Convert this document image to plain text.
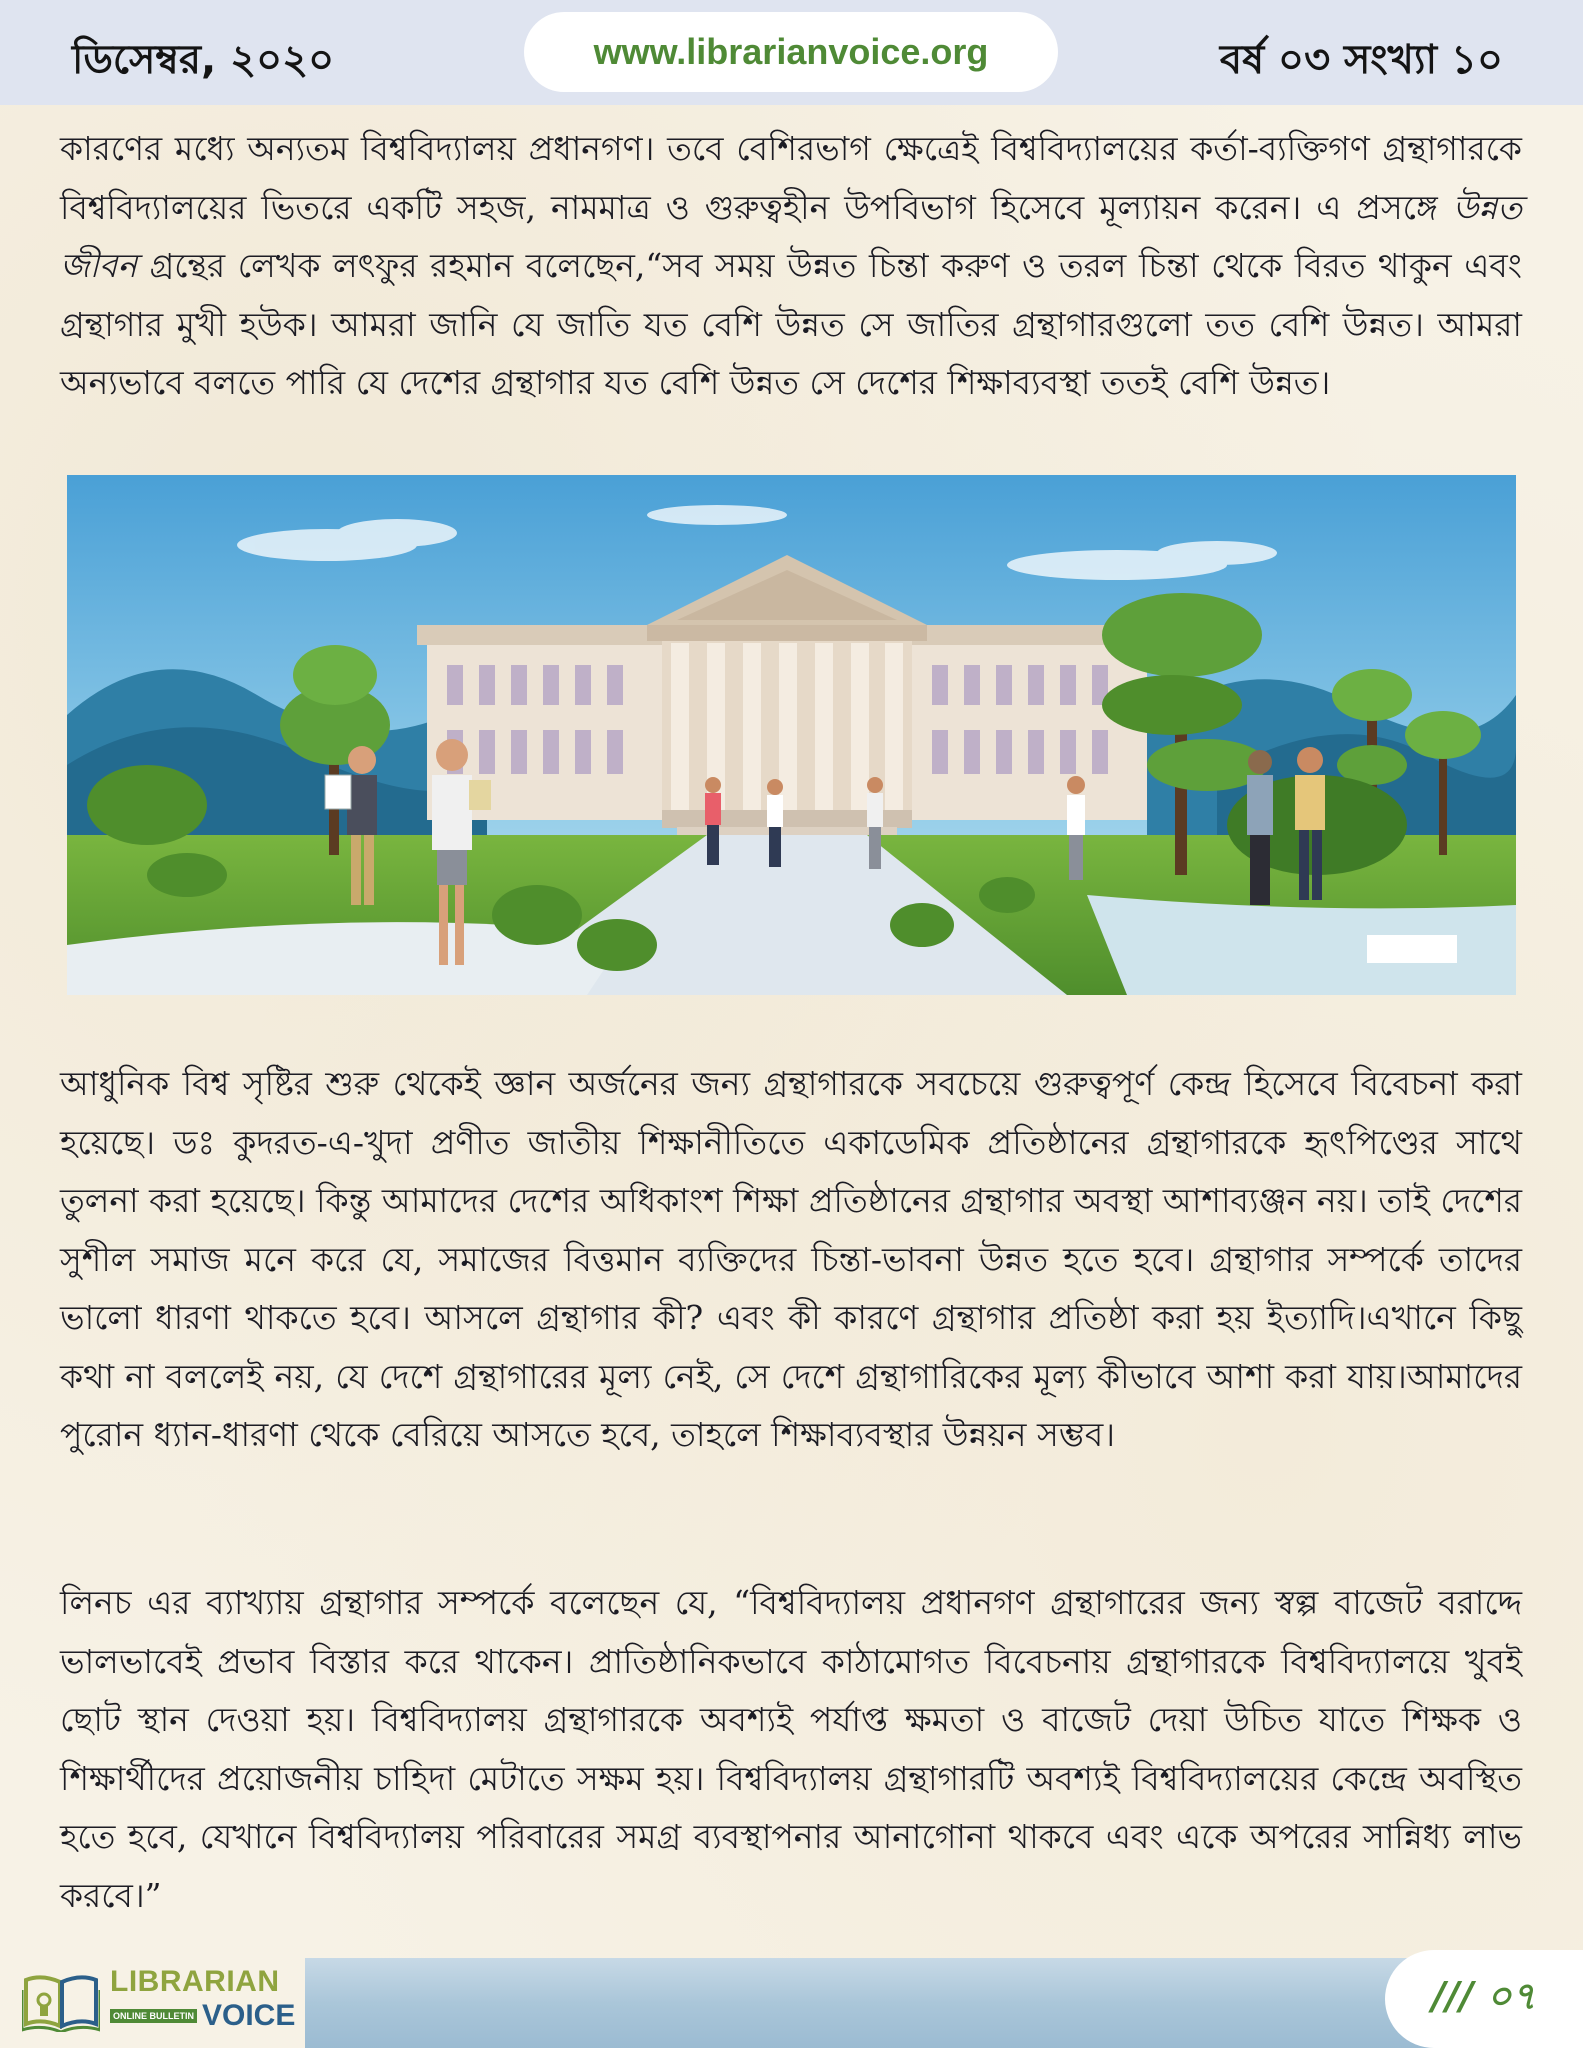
ডিসেম্বর, ২০২০	www.librarianvoice.org	বর্ষ ০৩ সংখ্যা ১০

কারণের মধ্যে অন্যতম বিশ্ববিদ্যালয় প্রধানগণ। তবে বেশিরভাগ ক্ষেত্রেই বিশ্ববিদ্যালয়ের কর্তা-ব্যক্তিগণ গ্রন্থাগারকে বিশ্ববিদ্যালয়ের ভিতরে একটি সহজ, নামমাত্র ও গুরুত্বহীন উপবিভাগ হিসেবে মূল্যায়ন করেন। এ প্রসঙ্গে উন্নত জীবন গ্রন্থের লেখক লৎফুর রহমান বলেছেন,“সব সময় উন্নত চিন্তা করুণ ও তরল চিন্তা থেকে বিরত থাকুন এবং গ্রন্থাগার মুখী হউক। আমরা জানি যে জাতি যত বেশি উন্নত সে জাতির গ্রন্থাগারগুলো তত বেশি উন্নত। আমরা অন্যভাবে বলতে পারি যে দেশের গ্রন্থাগার যত বেশি উন্নত সে দেশের শিক্ষাব্যবস্থা ততই বেশি উন্নত।

আধুনিক বিশ্ব সৃষ্টির শুরু থেকেই জ্ঞান অর্জনের জন্য গ্রন্থাগারকে সবচেয়ে গুরুত্বপূর্ণ কেন্দ্র হিসেবে বিবেচনা করা হয়েছে। ডঃ কুদরত-এ-খুদা প্রণীত জাতীয় শিক্ষানীতিতে একাডেমিক প্রতিষ্ঠানের গ্রন্থাগারকে হৃৎপিণ্ডের সাথে তুলনা করা হয়েছে। কিন্তু আমাদের দেশের অধিকাংশ শিক্ষা প্রতিষ্ঠানের গ্রন্থাগার অবস্থা আশাব্যঞ্জন নয়। তাই দেশের সুশীল সমাজ মনে করে যে, সমাজের বিত্তমান ব্যক্তিদের চিন্তা-ভাবনা উন্নত হতে হবে। গ্রন্থাগার সম্পর্কে তাদের ভালো ধারণা থাকতে হবে। আসলে গ্রন্থাগার কী? এবং কী কারণে গ্রন্থাগার প্রতিষ্ঠা করা হয় ইত্যাদি।এখানে কিছু কথা না বললেই নয়, যে দেশে গ্রন্থাগারের মূল্য নেই, সে দেশে গ্রন্থাগারিকের মূল্য কীভাবে আশা করা যায়।আমাদের পুরোন ধ্যান-ধারণা থেকে বেরিয়ে আসতে হবে, তাহলে শিক্ষাব্যবস্থার উন্নয়ন সম্ভব।

লিনচ এর ব্যাখ্যায় গ্রন্থাগার সম্পর্কে বলেছেন যে, “বিশ্ববিদ্যালয় প্রধানগণ গ্রন্থাগারের জন্য স্বল্প বাজেট বরাদ্দে ভালভাবেই প্রভাব বিস্তার করে থাকেন। প্রাতিষ্ঠানিকভাবে কাঠামোগত বিবেচনায় গ্রন্থাগারকে বিশ্ববিদ্যালয়ে খুবই ছোট স্থান দেওয়া হয়। বিশ্ববিদ্যালয় গ্রন্থাগারকে অবশ্যই পর্যাপ্ত ক্ষমতা ও বাজেট দেয়া উচিত যাতে শিক্ষক ও শিক্ষার্থীদের প্রয়োজনীয় চাহিদা মেটাতে সক্ষম হয়। বিশ্ববিদ্যালয় গ্রন্থাগারটি অবশ্যই বিশ্ববিদ্যালয়ের কেন্দ্রে অবস্থিত হতে হবে, যেখানে বিশ্ববিদ্যালয় পরিবারের সমগ্র ব্যবস্থাপনার আনাগোনা থাকবে এবং একে অপরের সান্নিধ্য লাভ করবে।”

LIBRARIAN
ONLINE BULLETIN VOICE	/// ০৭
